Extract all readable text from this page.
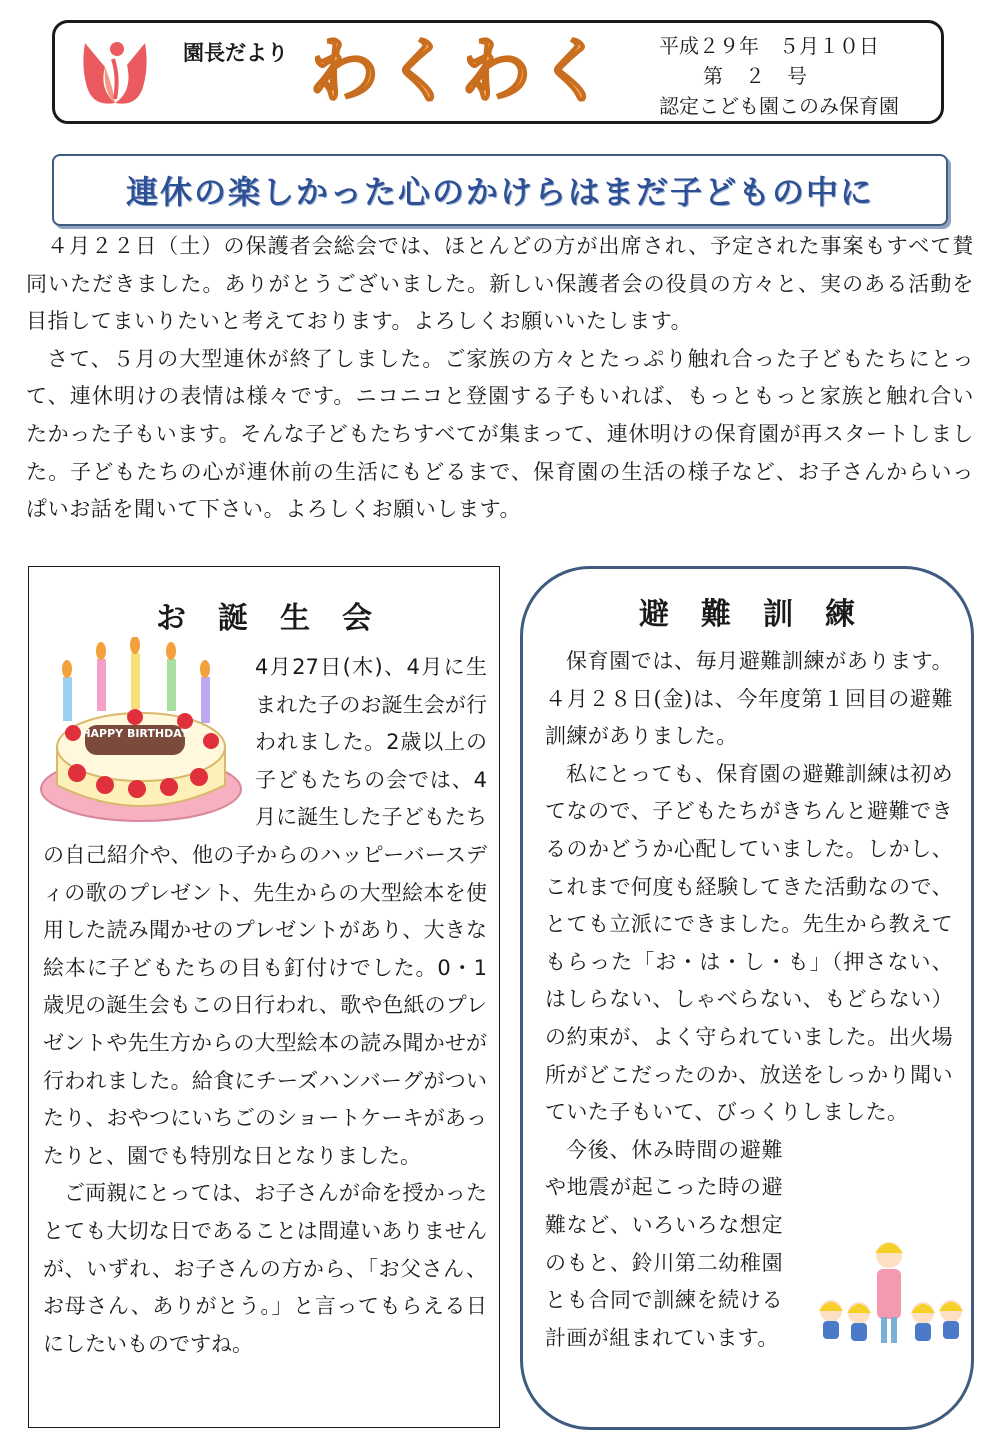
園長だより わくわく 平成２９年　５月１０日
第２号
認定こども園このみ保育園
連休の楽しかった心のかけらはまだ子どもの中に

４月２２日（土）の保護者会総会では、ほとんどの方が出席され、予定された事案もすべて賛同いただきました。ありがとうございました。新しい保護者会の役員の方々と、実のある活動を目指してまいりたいと考えております。よろしくお願いいたします。

さて、５月の大型連休が終了しました。ご家族の方々とたっぷり触れ合った子どもたちにとって、連休明けの表情は様々です。ニコニコと登園する子もいれば、もっともっと家族と触れ合いたかった子もいます。そんな子どもたちすべてが集まって、連休明けの保育園が再スタートしました。子どもたちの心が連休前の生活にもどるまで、保育園の生活の様子など、お子さんからいっぱいお話を聞いて下さい。よろしくお願いします。

お誕生会
HAPPY BIRTHDAY

4月27日(木)、4月に生まれた子のお誕生会が行われました。2歳以上の子どもたちの会では、4月に誕生した子どもたちの自己紹介や、他の子からのハッピーバースディの歌のプレゼント、先生からの大型絵本を使用した読み聞かせのプレゼントがあり、大きな絵本に子どもたちの目も釘付けでした。0・1歳児の誕生会もこの日行われ、歌や色紙のプレゼントや先生方からの大型絵本の読み聞かせが行われました。給食にチーズハンバーグがついたり、おやつにいちごのショートケーキがあったりと、園でも特別な日となりました。

ご両親にとっては、お子さんが命を授かったとても大切な日であることは間違いありませんが、いずれ、お子さんの方から、「お父さん、お母さん、ありがとう。」と言ってもらえる日にしたいものですね。

避難訓練

保育園では、毎月避難訓練があります。４月２８日(金)は、今年度第１回目の避難訓練がありました。

私にとっても、保育園の避難訓練は初めてなので、子どもたちがきちんと避難できるのかどうか心配していました。しかし、これまで何度も経験してきた活動なので、とても立派にできました。先生から教えてもらった「お・は・し・も」（押さない、はしらない、しゃべらない、もどらない）の約束が、よく守られていました。出火場所がどこだったのか、放送をしっかり聞いていた子もいて、びっくりしました。

今後、休み時間の避難や地震が起こった時の避難など、いろいろな想定のもと、鈴川第二幼稚園とも合同で訓練を続ける計画が組まれています。
